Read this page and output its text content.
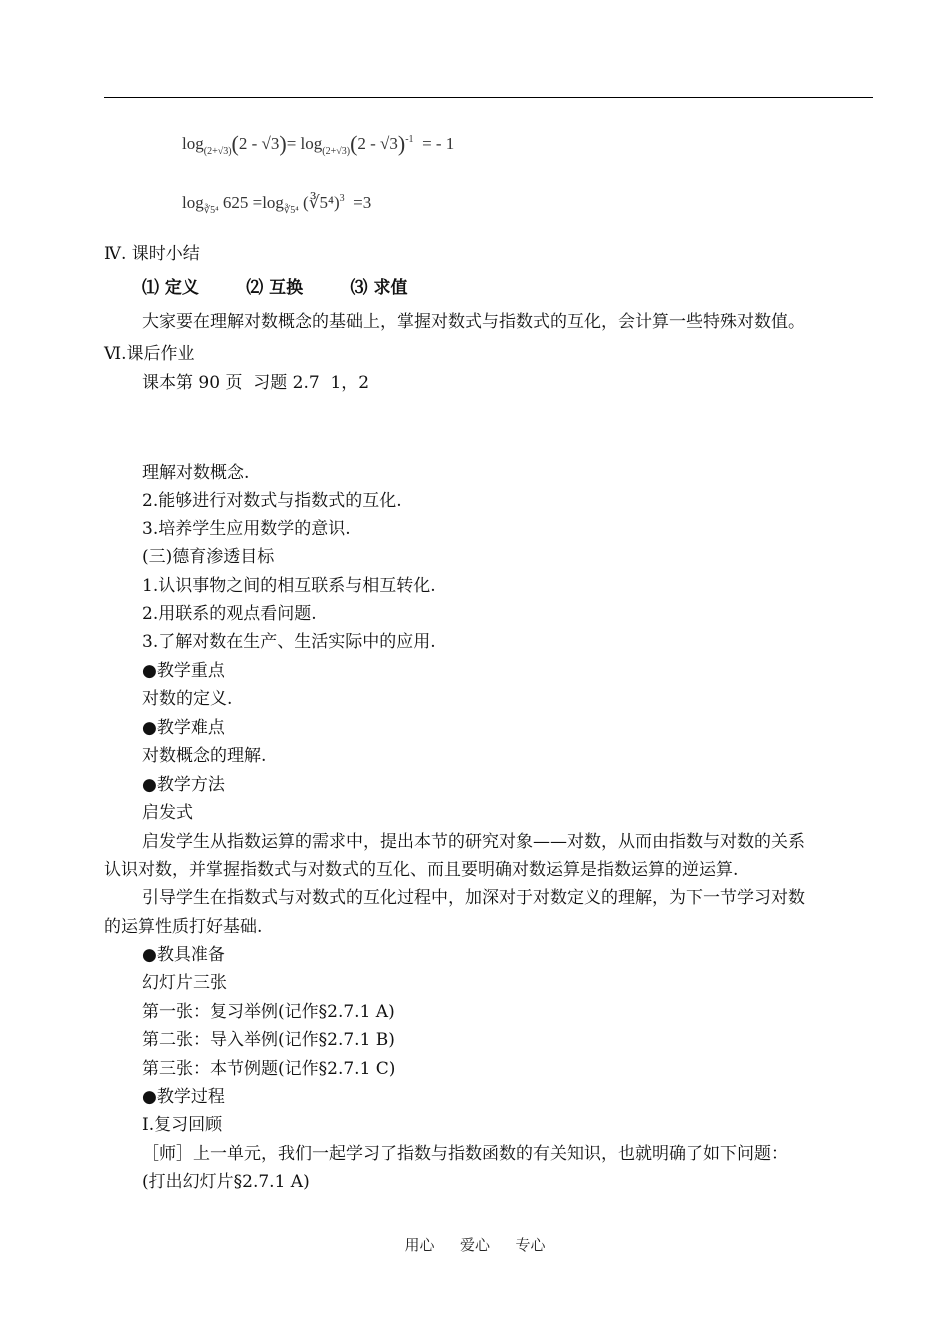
$\log_{(2+√3)}(2 - √3)= \log_{(2+√3)}(2 - √3)^{-1}$ = - 1
$\log_{∛5^4} 625 =\log_{∛5^4}$ (∛5⁴)$^3$ =3
Ⅳ. 课时小结
⑴ 定义        ⑵ 互换        ⑶ 求值
大家要在理解对数概念的基础上，掌握对数式与指数式的互化，会计算一些特殊对数值。
Ⅵ.课后作业
课本第 90 页  习题 2.7  1，2
理解对数概念.
2.能够进行对数式与指数式的互化.
3.培养学生应用数学的意识.
(三)德育渗透目标
1.认识事物之间的相互联系与相互转化.
2.用联系的观点看问题.
3.了解对数在生产、生活实际中的应用.
●教学重点
对数的定义.
●教学难点
对数概念的理解.
●教学方法
启发式
启发学生从指数运算的需求中，提出本节的研究对象——对数，从而由指数与对数的关系
认识对数，并掌握指数式与对数式的互化、而且要明确对数运算是指数运算的逆运算.
引导学生在指数式与对数式的互化过程中，加深对于对数定义的理解，为下一节学习对数
的运算性质打好基础.
●教具准备
幻灯片三张
第一张：复习举例(记作§2.7.1 A)
第二张：导入举例(记作§2.7.1 B)
第三张：本节例题(记作§2.7.1 C)
●教学过程
Ⅰ.复习回顾
［师］上一单元，我们一起学习了指数与指数函数的有关知识，也就明确了如下问题：
(打出幻灯片§2.7.1 A)
用心  爱心  专心
